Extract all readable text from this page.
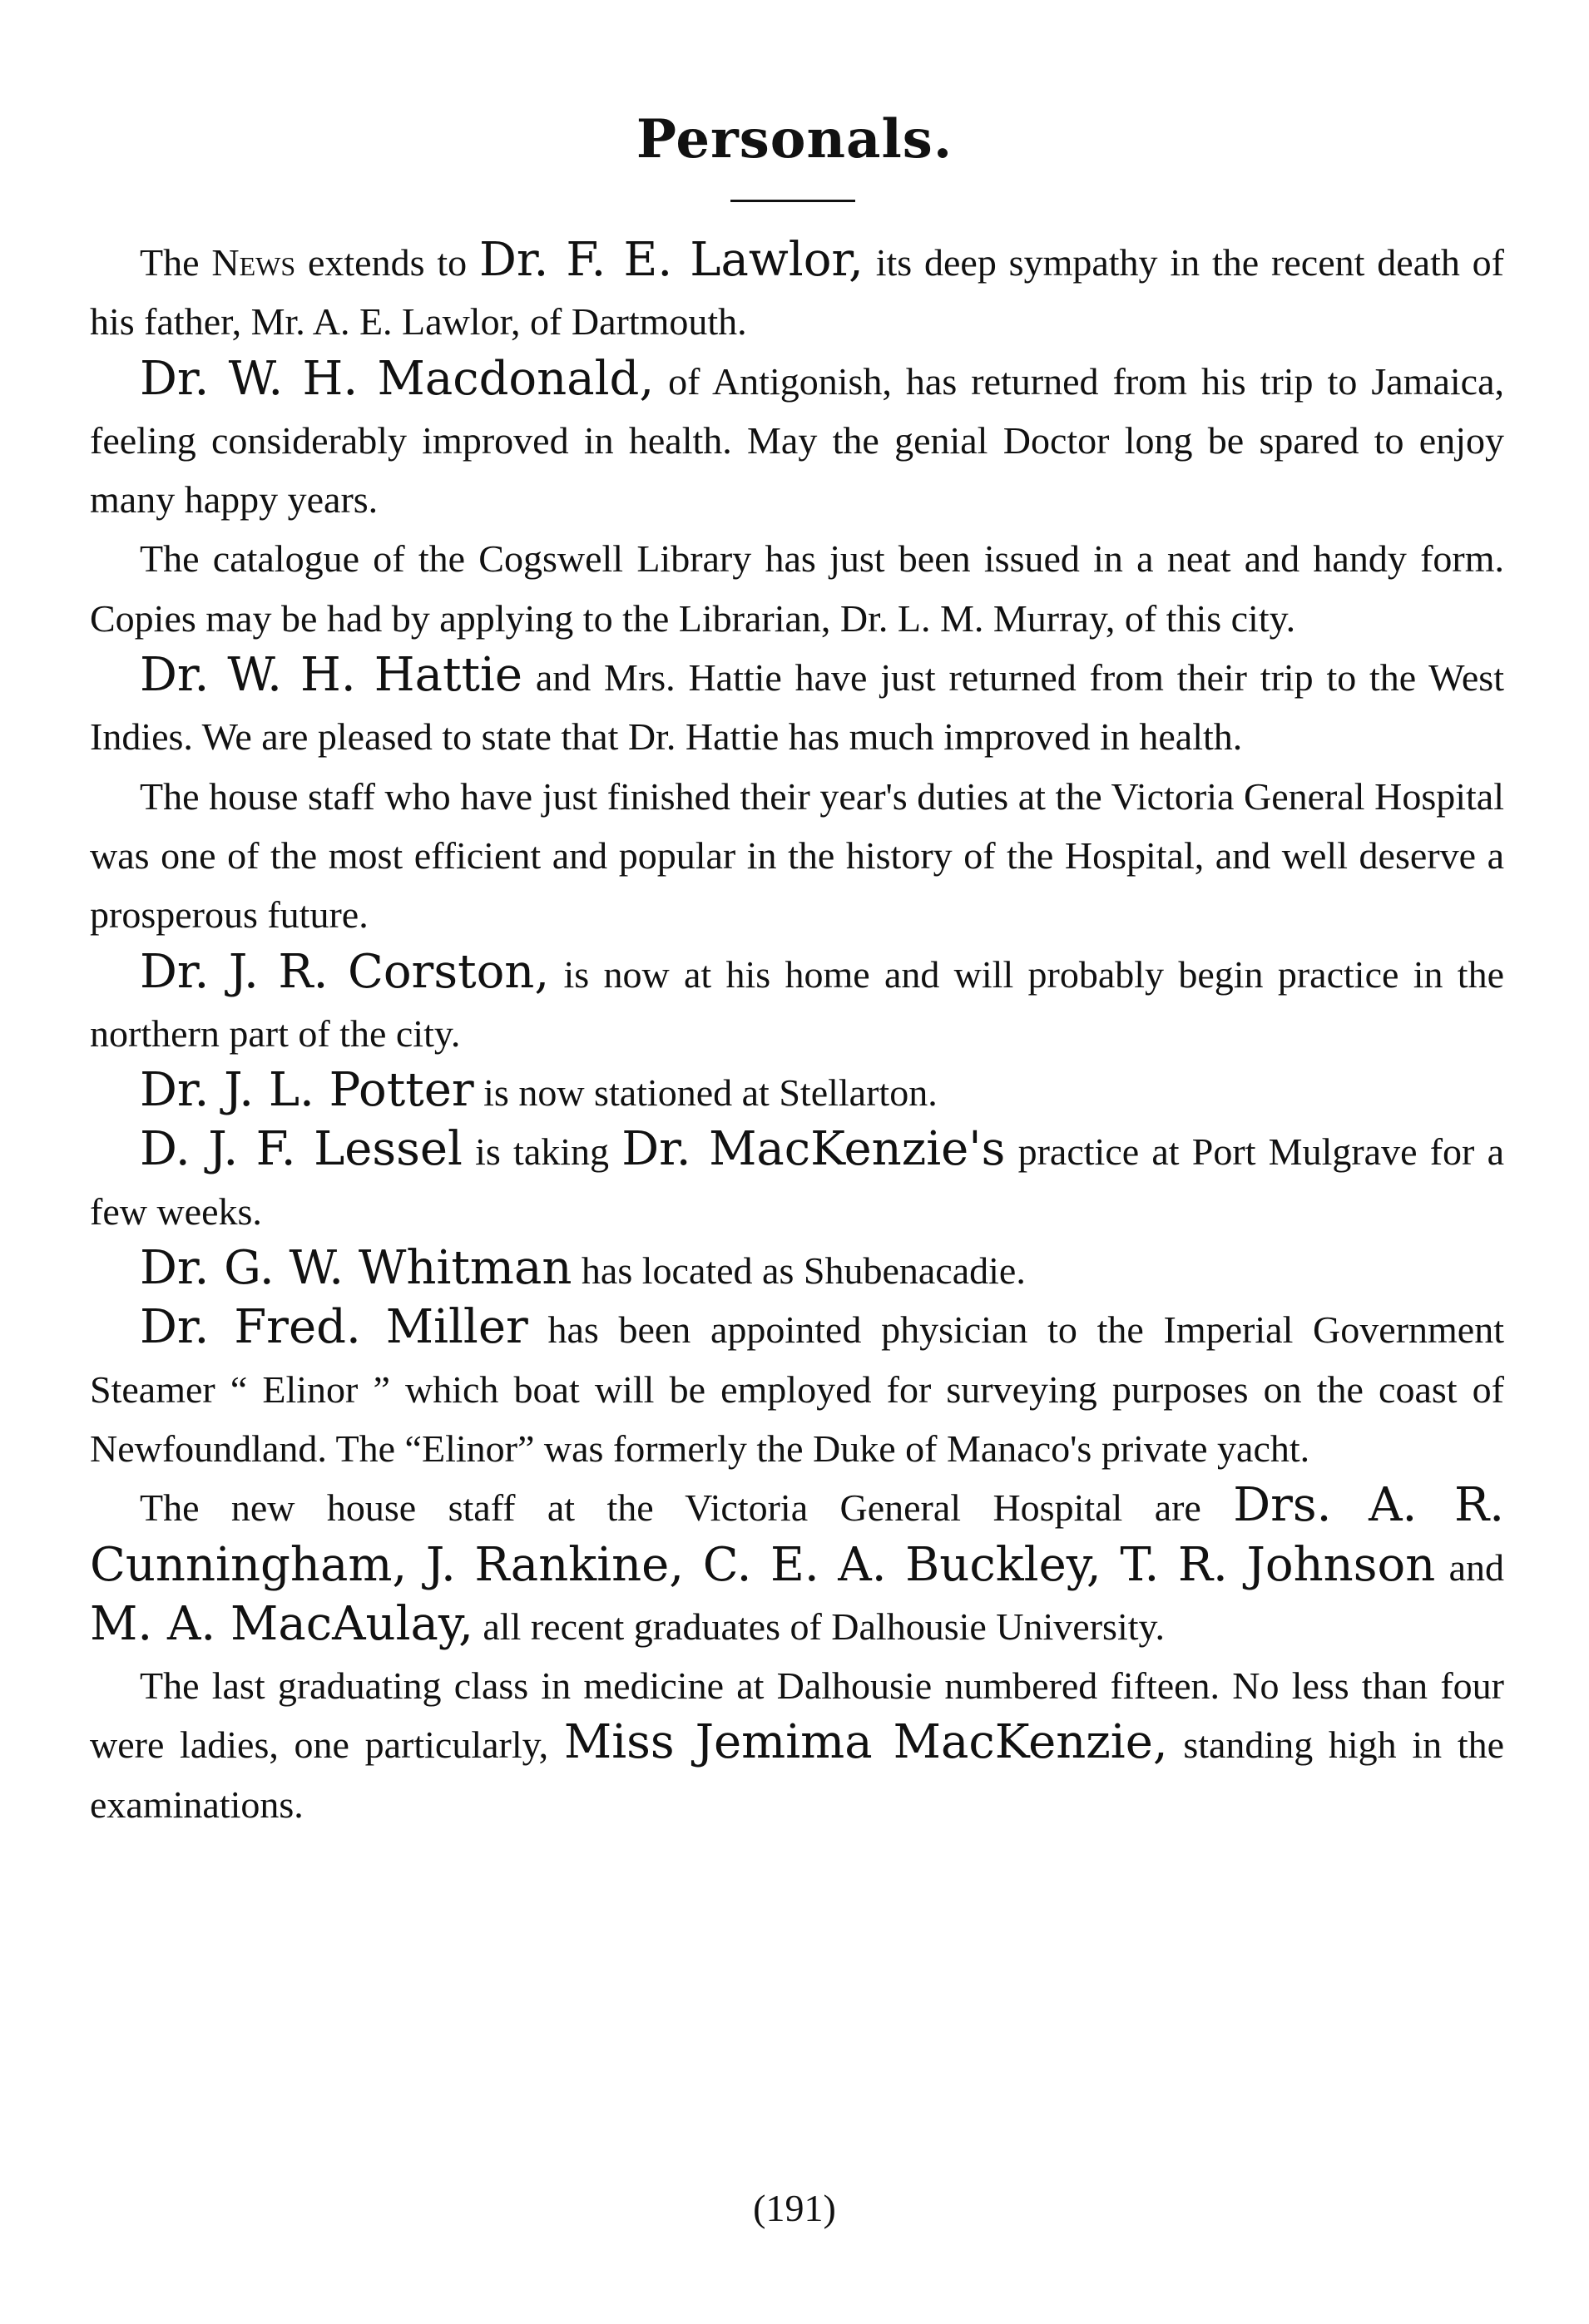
Personals.

The News extends to Dr. F. E. Lawlor, its deep sympathy in the recent death of his father, Mr. A. E. Lawlor, of Dartmouth.

Dr. W. H. Macdonald, of Antigonish, has returned from his trip to Jamaica, feeling considerably improved in health. May the genial Doctor long be spared to enjoy many happy years.

The catalogue of the Cogswell Library has just been issued in a neat and handy form. Copies may be had by applying to the Librarian, Dr. L. M. Murray, of this city.

Dr. W. H. Hattie and Mrs. Hattie have just returned from their trip to the West Indies. We are pleased to state that Dr. Hattie has much improved in health.

The house staff who have just finished their year's duties at the Victoria General Hospital was one of the most efficient and popular in the history of the Hospital, and well deserve a prosperous future.

Dr. J. R. Corston, is now at his home and will probably begin practice in the northern part of the city.

Dr. J. L. Potter is now stationed at Stellarton.

D. J. F. Lessel is taking Dr. MacKenzie's practice at Port Mulgrave for a few weeks.

Dr. G. W. Whitman has located as Shubenacadie.

Dr. Fred. Miller has been appointed physician to the Imperial Government Steamer “ Elinor ” which boat will be employed for surveying purposes on the coast of Newfoundland. The “Elinor” was formerly the Duke of Manaco's private yacht.

The new house staff at the Victoria General Hospital are Drs. A. R. Cunningham, J. Rankine, C. E. A. Buckley, T. R. Johnson and M. A. MacAulay, all recent graduates of Dalhousie University.

The last graduating class in medicine at Dalhousie numbered fifteen. No less than four were ladies, one particularly, Miss Jemima MacKenzie, standing high in the examinations.

(191)
